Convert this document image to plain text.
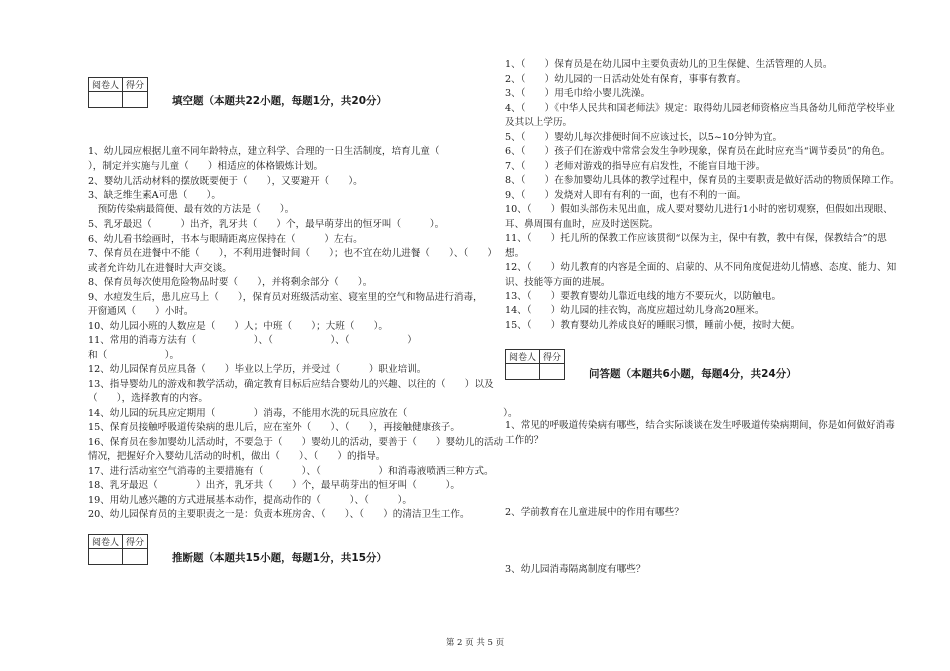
阅卷人	得分

填空题（本题共22小题，每题1分，共20分）
1、幼儿园应根据儿童不同年龄特点，建立科学、合理的一日生活制度，培育儿童（
），制定并实施与儿童（　　）相适应的体格锻炼计划。
2、婴幼儿活动材料的摆放既要便于（　　），又要避开（　　）。
3、缺乏维生素A可患（　　）。
　预防传染病最简便、最有效的方法是（　　）。
5、乳牙最迟（　　　）出齐，乳牙共（　　）个，最早萌芽出的恒牙叫（　　　）。
6、幼儿看书绘画时，书本与眼睛距离应保持在（　　　）左右。
7、保育员在进餐中不能（　　），不利用进餐时间（　　）；也不宜在幼儿进餐（　　）、（　　）
或者允许幼儿在进餐时大声交谈。
8、保育员每次使用危险物品时要（　　），并将剩余部分（　　）。
9、水痘发生后，患儿应马上（　　），保育员对班级活动室、寝室里的空气和物品进行消毒，
开窗通风（　　）小时。
10、幼儿园小班的人数应是（　　）人；中班（　　）；大班（　　）。
11、常用的消毒方法有（　　　　　　）、（　　　　　　）、（　　　　　　）
和（　　　　　　）。
12、幼儿园保育员应具备（　　）毕业以上学历，并受过（　　　）职业培训。
13、指导婴幼儿的游戏和教学活动，确定教育目标后应结合婴幼儿的兴趣、以往的（　　）以及
（　　），选择教育的内容。
14、幼儿园的玩具应定期用（　　　　）消毒，不能用水洗的玩具应放在（　　　　　　　　　　）。
15、保育员接触呼吸道传染病的患儿后，应在室外（　　）、（　　），再接触健康孩子。
16、保育员在参加婴幼儿活动时，不要急于（　　）婴幼儿的活动，要善于（　　）婴幼儿的活动
情况，把握好介入婴幼儿活动的时机，做出（　　）、（　　）的指导。
17、进行活动室空气消毒的主要措施有（　　　　）、（　　　　　　）和消毒液喷洒三种方式。
18、乳牙最迟（　　　　）出齐，乳牙共（　　）个，最早萌芽出的恒牙叫（　　　）。
19、用幼儿感兴趣的方式进展基本动作，提高动作的（　　　）、（　　　）。
20、幼儿园保育员的主要职责之一是：负责本班房舍、（　　）、（　　）的清洁卫生工作。
阅卷人	得分

推断题（本题共15小题，每题1分，共15分）
1、（　　）保育员是在幼儿园中主要负责幼儿的卫生保健、生活管理的人员。
2、（　　）幼儿园的一日活动处处有保育，事事有教育。
3、（　　）用毛巾给小婴儿洗澡。
4、（　　）《中华人民共和国老师法》规定：取得幼儿园老师资格应当具备幼儿师范学校毕业
及其以上学历。
5、（　　）婴幼儿每次排便时间不应该过长，以5~10分钟为宜。
6、（　　）孩子们在游戏中常常会发生争吵现象，保育员在此时应充当“调节委员”的角色。
7、（　　）老师对游戏的指导应有启发性，不能盲目地干涉。
8、（　　）在参加婴幼儿具体的教学过程中，保育员的主要职责是做好活动的物质保障工作。
9、（　　）发烧对人即有有利的一面，也有不利的一面。
10、（　　）假如头部伤未见出血，成人要对婴幼儿进行1小时的密切观察，但假如出现眼、
耳、鼻周围有血时，应及时送医院。
11、（　　）托儿所的保教工作应该贯彻“以保为主，保中有教，教中有保，保教结合”的思
想。
12、（　　）幼儿教育的内容是全面的、启蒙的、从不同角度促进幼儿情感、态度、能力、知
识、技能等方面的进展。
13、（　　）要教育婴幼儿靠近电线的地方不要玩火，以防触电。
14、（　　）幼儿园的挂衣钩，高度应超过幼儿身高20厘米。
15、（　　）教育婴幼儿养成良好的睡眠习惯，睡前小便，按时大便。
阅卷人	得分

问答题（本题共6小题，每题4分，共24分）
1、常见的呼吸道传染病有哪些，结合实际谈谈在发生呼吸道传染病期间，你是如何做好消毒
工作的？
2、学前教育在儿童进展中的作用有哪些？
3、幼儿园消毒隔离制度有哪些？
第 2 页 共 5 页
